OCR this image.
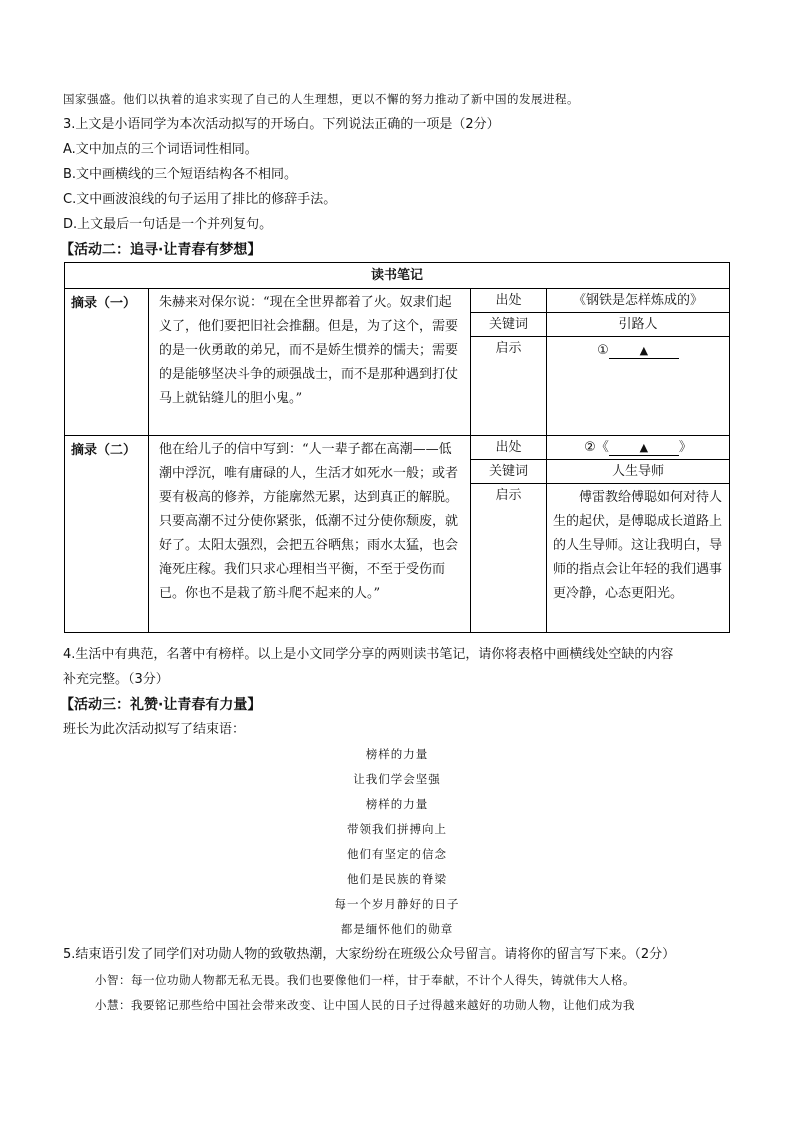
国家强盛。他们以执着的追求实现了自己的人生理想，更以不懈的努力推动了新中国的发展进程。
3.上文是小语同学为本次活动拟写的开场白。下列说法正确的一项是（2分）
A.文中加点的三个词语词性相同。
B.文中画横线的三个短语结构各不相同。
C.文中画波浪线的句子运用了排比的修辞手法。
D.上文最后一句话是一个并列复句。
【活动二：追寻·让青春有梦想】
读书笔记			
摘录（一）	朱赫来对保尔说：“现在全世界都着了火。奴隶们起义了，他们要把旧社会推翻。但是，为了这个，需要的是一伙勇敢的弟兄，而不是娇生惯养的懦夫；需要的是能够坚决斗争的顽强战士，而不是那种遇到打仗马上就钻缝儿的胆小鬼。”	出处	《钢铁是怎样炼成的》
		关键词	引路人
		启示	① ▲
摘录（二）	他在给儿子的信中写到：“人一辈子都在高潮——低潮中浮沉，唯有庸碌的人，生活才如死水一般；或者要有极高的修养，方能廓然无累，达到真正的解脱。只要高潮不过分使你紧张，低潮不过分使你颓废，就好了。太阳太强烈，会把五谷晒焦；雨水太猛，也会淹死庄稼。我们只求心理相当平衡，不至于受伤而已。你也不是栽了筋斗爬不起来的人。”	出处	②《 ▲ 》
		关键词	人生导师
		启示	傅雷教给傅聪如何对待人生的起伏，是傅聪成长道路上的人生导师。这让我明白，导师的指点会让年轻的我们遇事更冷静，心态更阳光。
4.生活中有典范，名著中有榜样。以上是小文同学分享的两则读书笔记，请你将表格中画横线处空缺的内容
补充完整。（3分）
【活动三：礼赞·让青春有力量】
班长为此次活动拟写了结束语：
榜样的力量
让我们学会坚强
榜样的力量
带领我们拼搏向上
他们有坚定的信念
他们是民族的脊梁
每一个岁月静好的日子
都是缅怀他们的勋章
5.结束语引发了同学们对功勋人物的致敬热潮，大家纷纷在班级公众号留言。请将你的留言写下来。（2分）
小智：每一位功勋人物都无私无畏。我们也要像他们一样，甘于奉献，不计个人得失，铸就伟大人格。
小慧：我要铭记那些给中国社会带来改变、让中国人民的日子过得越来越好的功勋人物，让他们成为我
